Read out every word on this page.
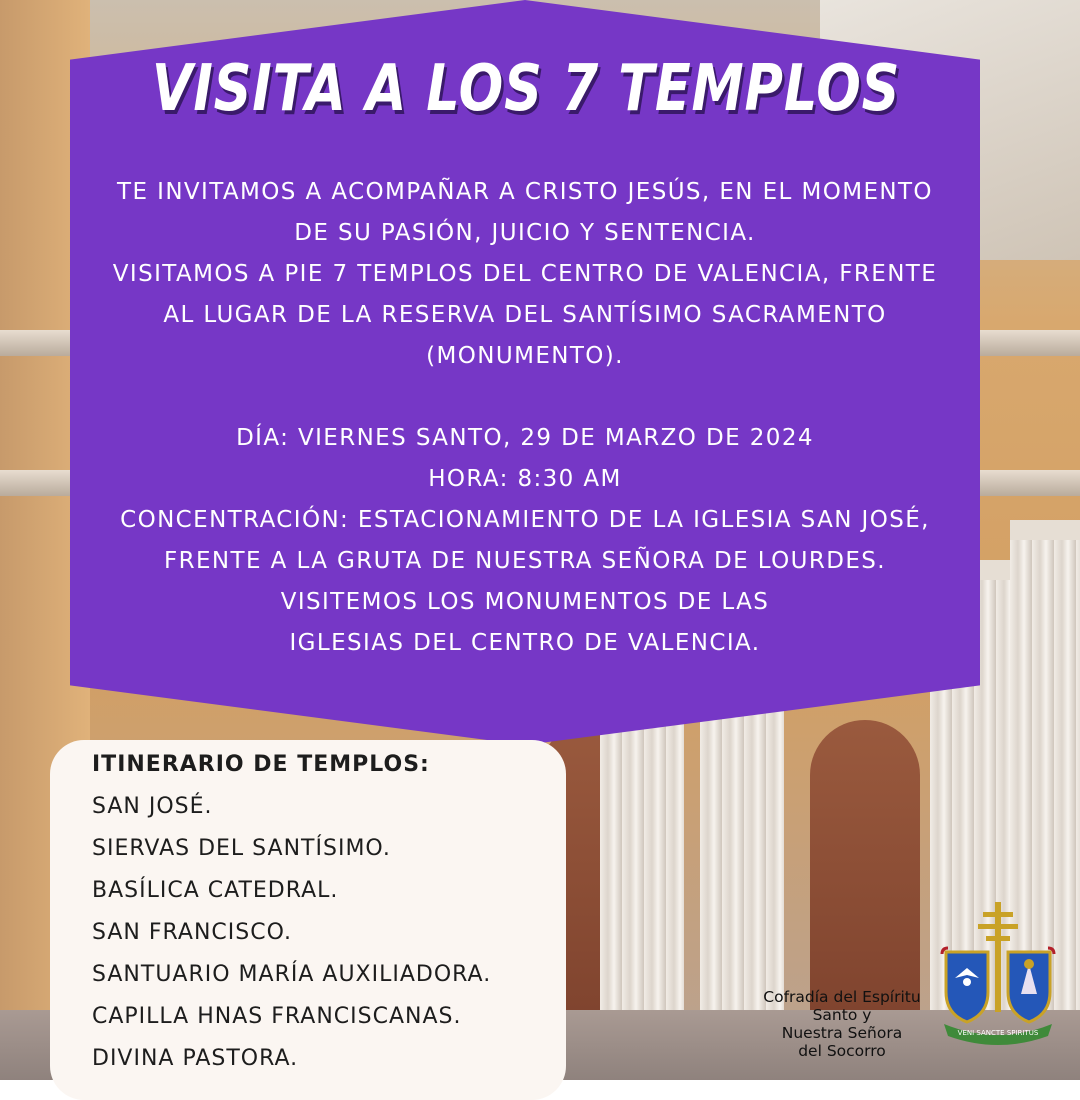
VISITA A LOS 7 TEMPLOS

TE INVITAMOS A ACOMPAÑAR A CRISTO JESÚS, EN EL MOMENTO

DE SU PASIÓN, JUICIO Y SENTENCIA.

VISITAMOS A PIE 7 TEMPLOS DEL CENTRO DE VALENCIA, FRENTE

AL LUGAR DE LA RESERVA DEL SANTÍSIMO SACRAMENTO

(MONUMENTO).

DÍA: VIERNES SANTO, 29 DE MARZO DE 2024

HORA: 8:30 AM

CONCENTRACIÓN: ESTACIONAMIENTO DE LA IGLESIA SAN JOSÉ,

FRENTE A LA GRUTA DE NUESTRA SEÑORA DE LOURDES.

VISITEMOS LOS MONUMENTOS DE LAS

IGLESIAS DEL CENTRO DE VALENCIA.

ITINERARIO DE TEMPLOS:
SAN JOSÉ.
SIERVAS DEL SANTÍSIMO.
BASÍLICA CATEDRAL.
SAN FRANCISCO.
SANTUARIO MARÍA AUXILIADORA.
CAPILLA HNAS FRANCISCANAS.
DIVINA PASTORA.
Cofradía del Espíritu
Santo y
Nuestra Señora
del Socorro
VENI SANCTE SPIRITUS
